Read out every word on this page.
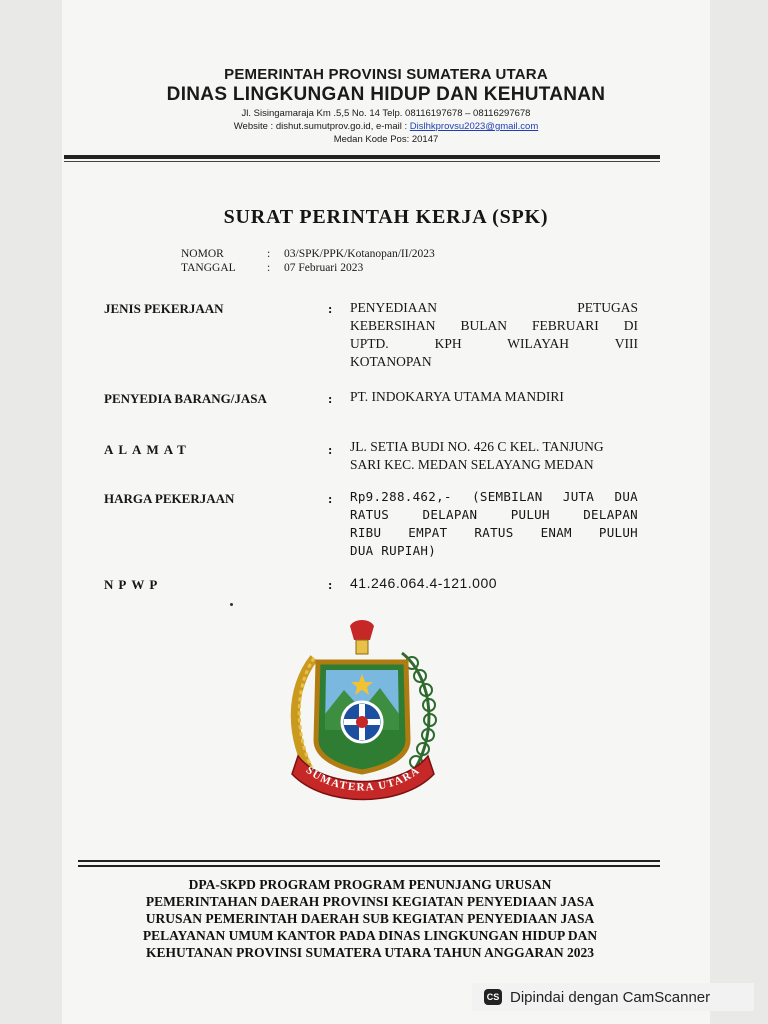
PEMERINTAH PROVINSI SUMATERA UTARA
DINAS LINGKUNGAN HIDUP DAN KEHUTANAN
Jl. Sisingamaraja Km .5,5 No. 14 Telp. 08116197678 – 08116297678
Website : dishut.sumutprov.go.id, e-mail : Dislhkprovsu2023@gmail.com
Medan Kode Pos: 20147
SURAT PERINTAH KERJA (SPK)
NOMOR	: 03/SPK/PPK/Kotanopan/II/2023
TANGGAL	: 07 Februari 2023
JENIS PEKERJAAN	: PENYEDIAAN PETUGAS
KEBERSIHAN BULAN FEBRUARI DI
UPTD. KPH WILAYAH VIII
KOTANOPAN
PENYEDIA BARANG/JASA	: PT. INDOKARYA UTAMA MANDIRI
ALAMAT	: JL. SETIA BUDI NO. 426 C KEL. TANJUNG
SARI KEC. MEDAN SELAYANG MEDAN
HARGA PEKERJAAN	: Rp9.288.462,- (SEMBILAN JUTA DUA
RATUS DELAPAN PULUH DELAPAN
RIBU EMPAT RATUS ENAM PULUH
DUA RUPIAH)
NPWP	: 41.246.064.4-121.000
SUMATERA UTARA
DPA-SKPD PROGRAM PROGRAM PENUNJANG URUSAN
PEMERINTAHAN DAERAH PROVINSI KEGIATAN PENYEDIAAN JASA
URUSAN PEMERINTAH DAERAH SUB KEGIATAN PENYEDIAAN JASA
PELAYANAN UMUM KANTOR PADA DINAS LINGKUNGAN HIDUP DAN
KEHUTANAN PROVINSI SUMATERA UTARA TAHUN ANGGARAN 2023
CS Dipindai dengan CamScanner
